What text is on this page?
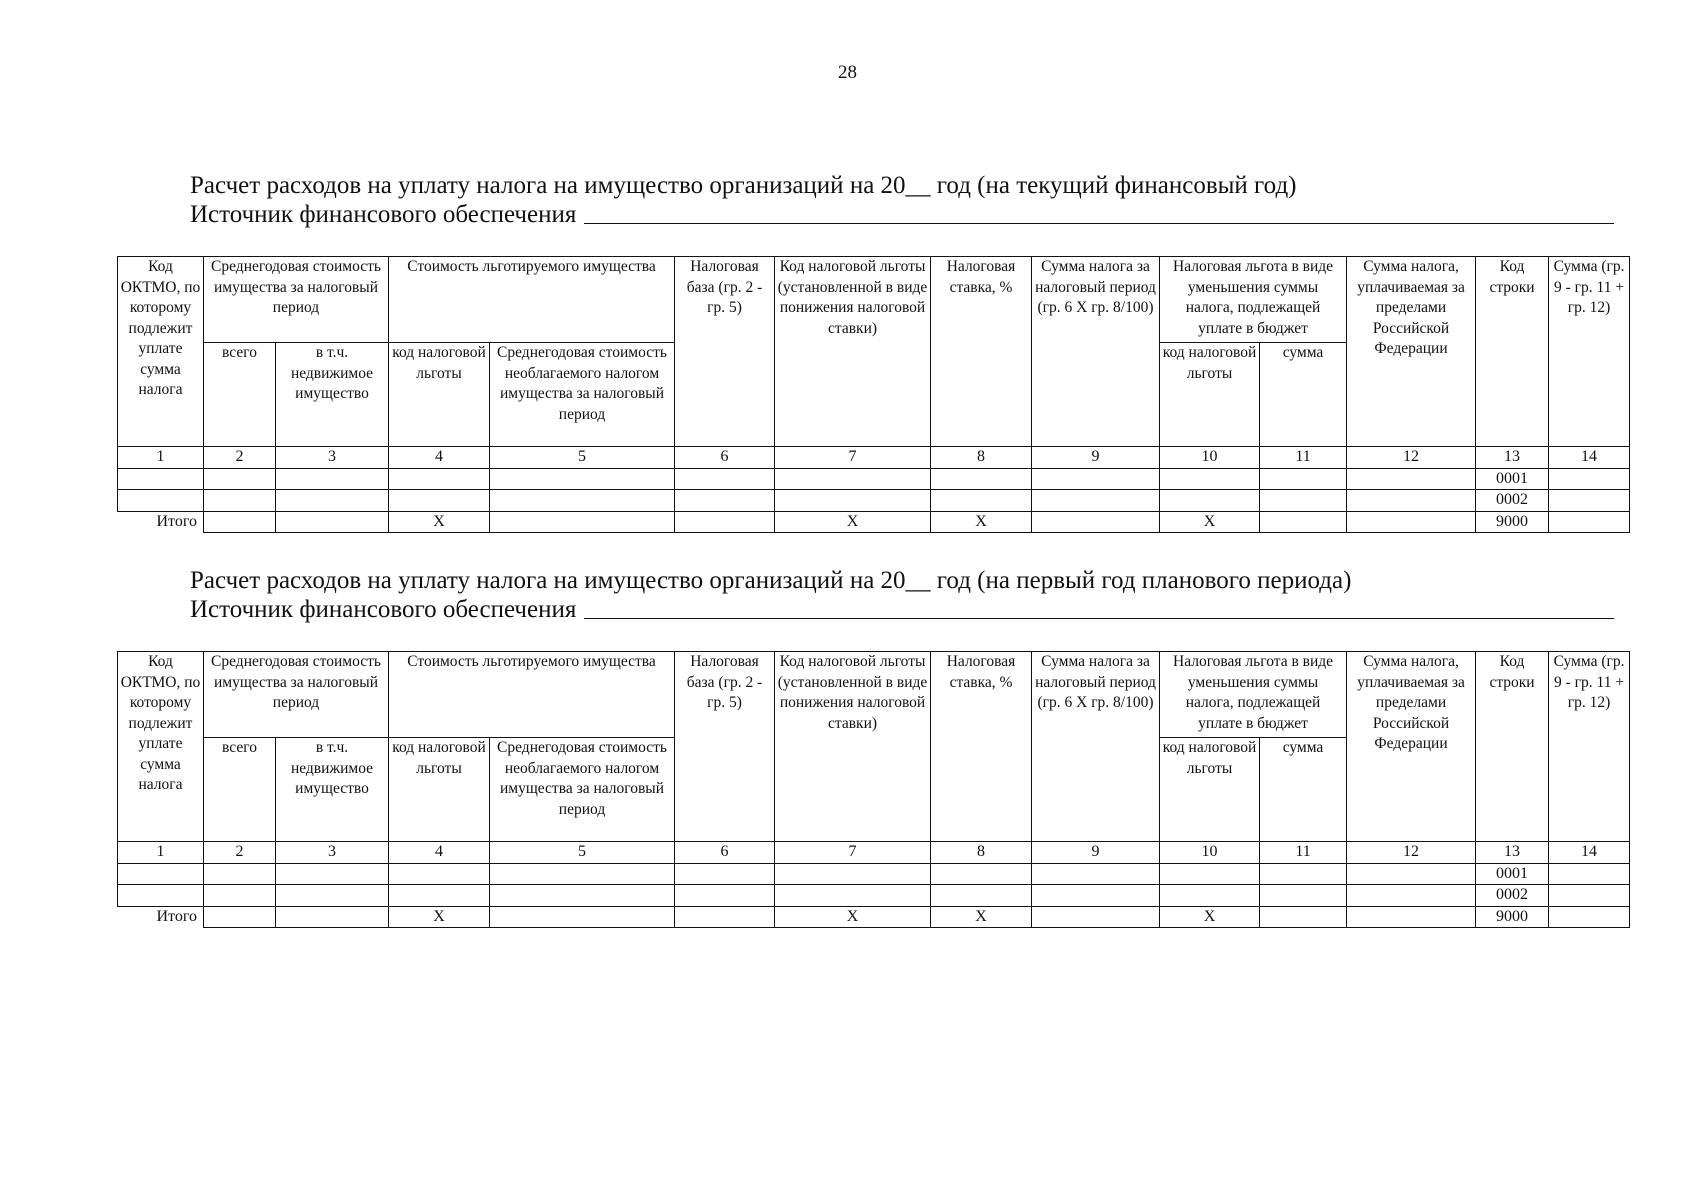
28
Расчет расходов на уплату налога на имущество организаций на 20__ год (на текущий финансовый год)
Источник финансового обеспечения
Код ОКТМО, по которому подлежит уплате сумма налога	Среднегодовая стоимость имущества за налоговый период		Стоимость льготируемого имущества		Налоговая база (гр. 2 - гр. 5)	Код налоговой льготы (установленной в виде понижения налоговой ставки)	Налоговая ставка, %	Сумма налога за налоговый период (гр. 6 Х гр. 8/100)	Налоговая льгота в виде уменьшения суммы налога, подлежащей уплате в бюджет		Сумма налога, уплачиваемая за пределами Российской Федерации	Код строки	Сумма (гр. 9 - гр. 11 + гр. 12)
	всего	в т.ч. недвижимое имущество	код налоговой льготы	Среднегодовая стоимость необлагаемого налогом имущества за налоговый период					код налоговой льготы	сумма			
1	2	3	4	5	6	7	8	9	10	11	12	13	14
												0001	
												0002	
Итого			Х			Х	Х		Х			9000	
Расчет расходов на уплату налога на имущество организаций на 20__ год (на первый год планового периода)
Источник финансового обеспечения
Код ОКТМО, по которому подлежит уплате сумма налога	Среднегодовая стоимость имущества за налоговый период		Стоимость льготируемого имущества		Налоговая база (гр. 2 - гр. 5)	Код налоговой льготы (установленной в виде понижения налоговой ставки)	Налоговая ставка, %	Сумма налога за налоговый период (гр. 6 Х гр. 8/100)	Налоговая льгота в виде уменьшения суммы налога, подлежащей уплате в бюджет		Сумма налога, уплачиваемая за пределами Российской Федерации	Код строки	Сумма (гр. 9 - гр. 11 + гр. 12)
	всего	в т.ч. недвижимое имущество	код налоговой льготы	Среднегодовая стоимость необлагаемого налогом имущества за налоговый период					код налоговой льготы	сумма			
1	2	3	4	5	6	7	8	9	10	11	12	13	14
												0001	
												0002	
Итого			Х			Х	Х		Х			9000	
